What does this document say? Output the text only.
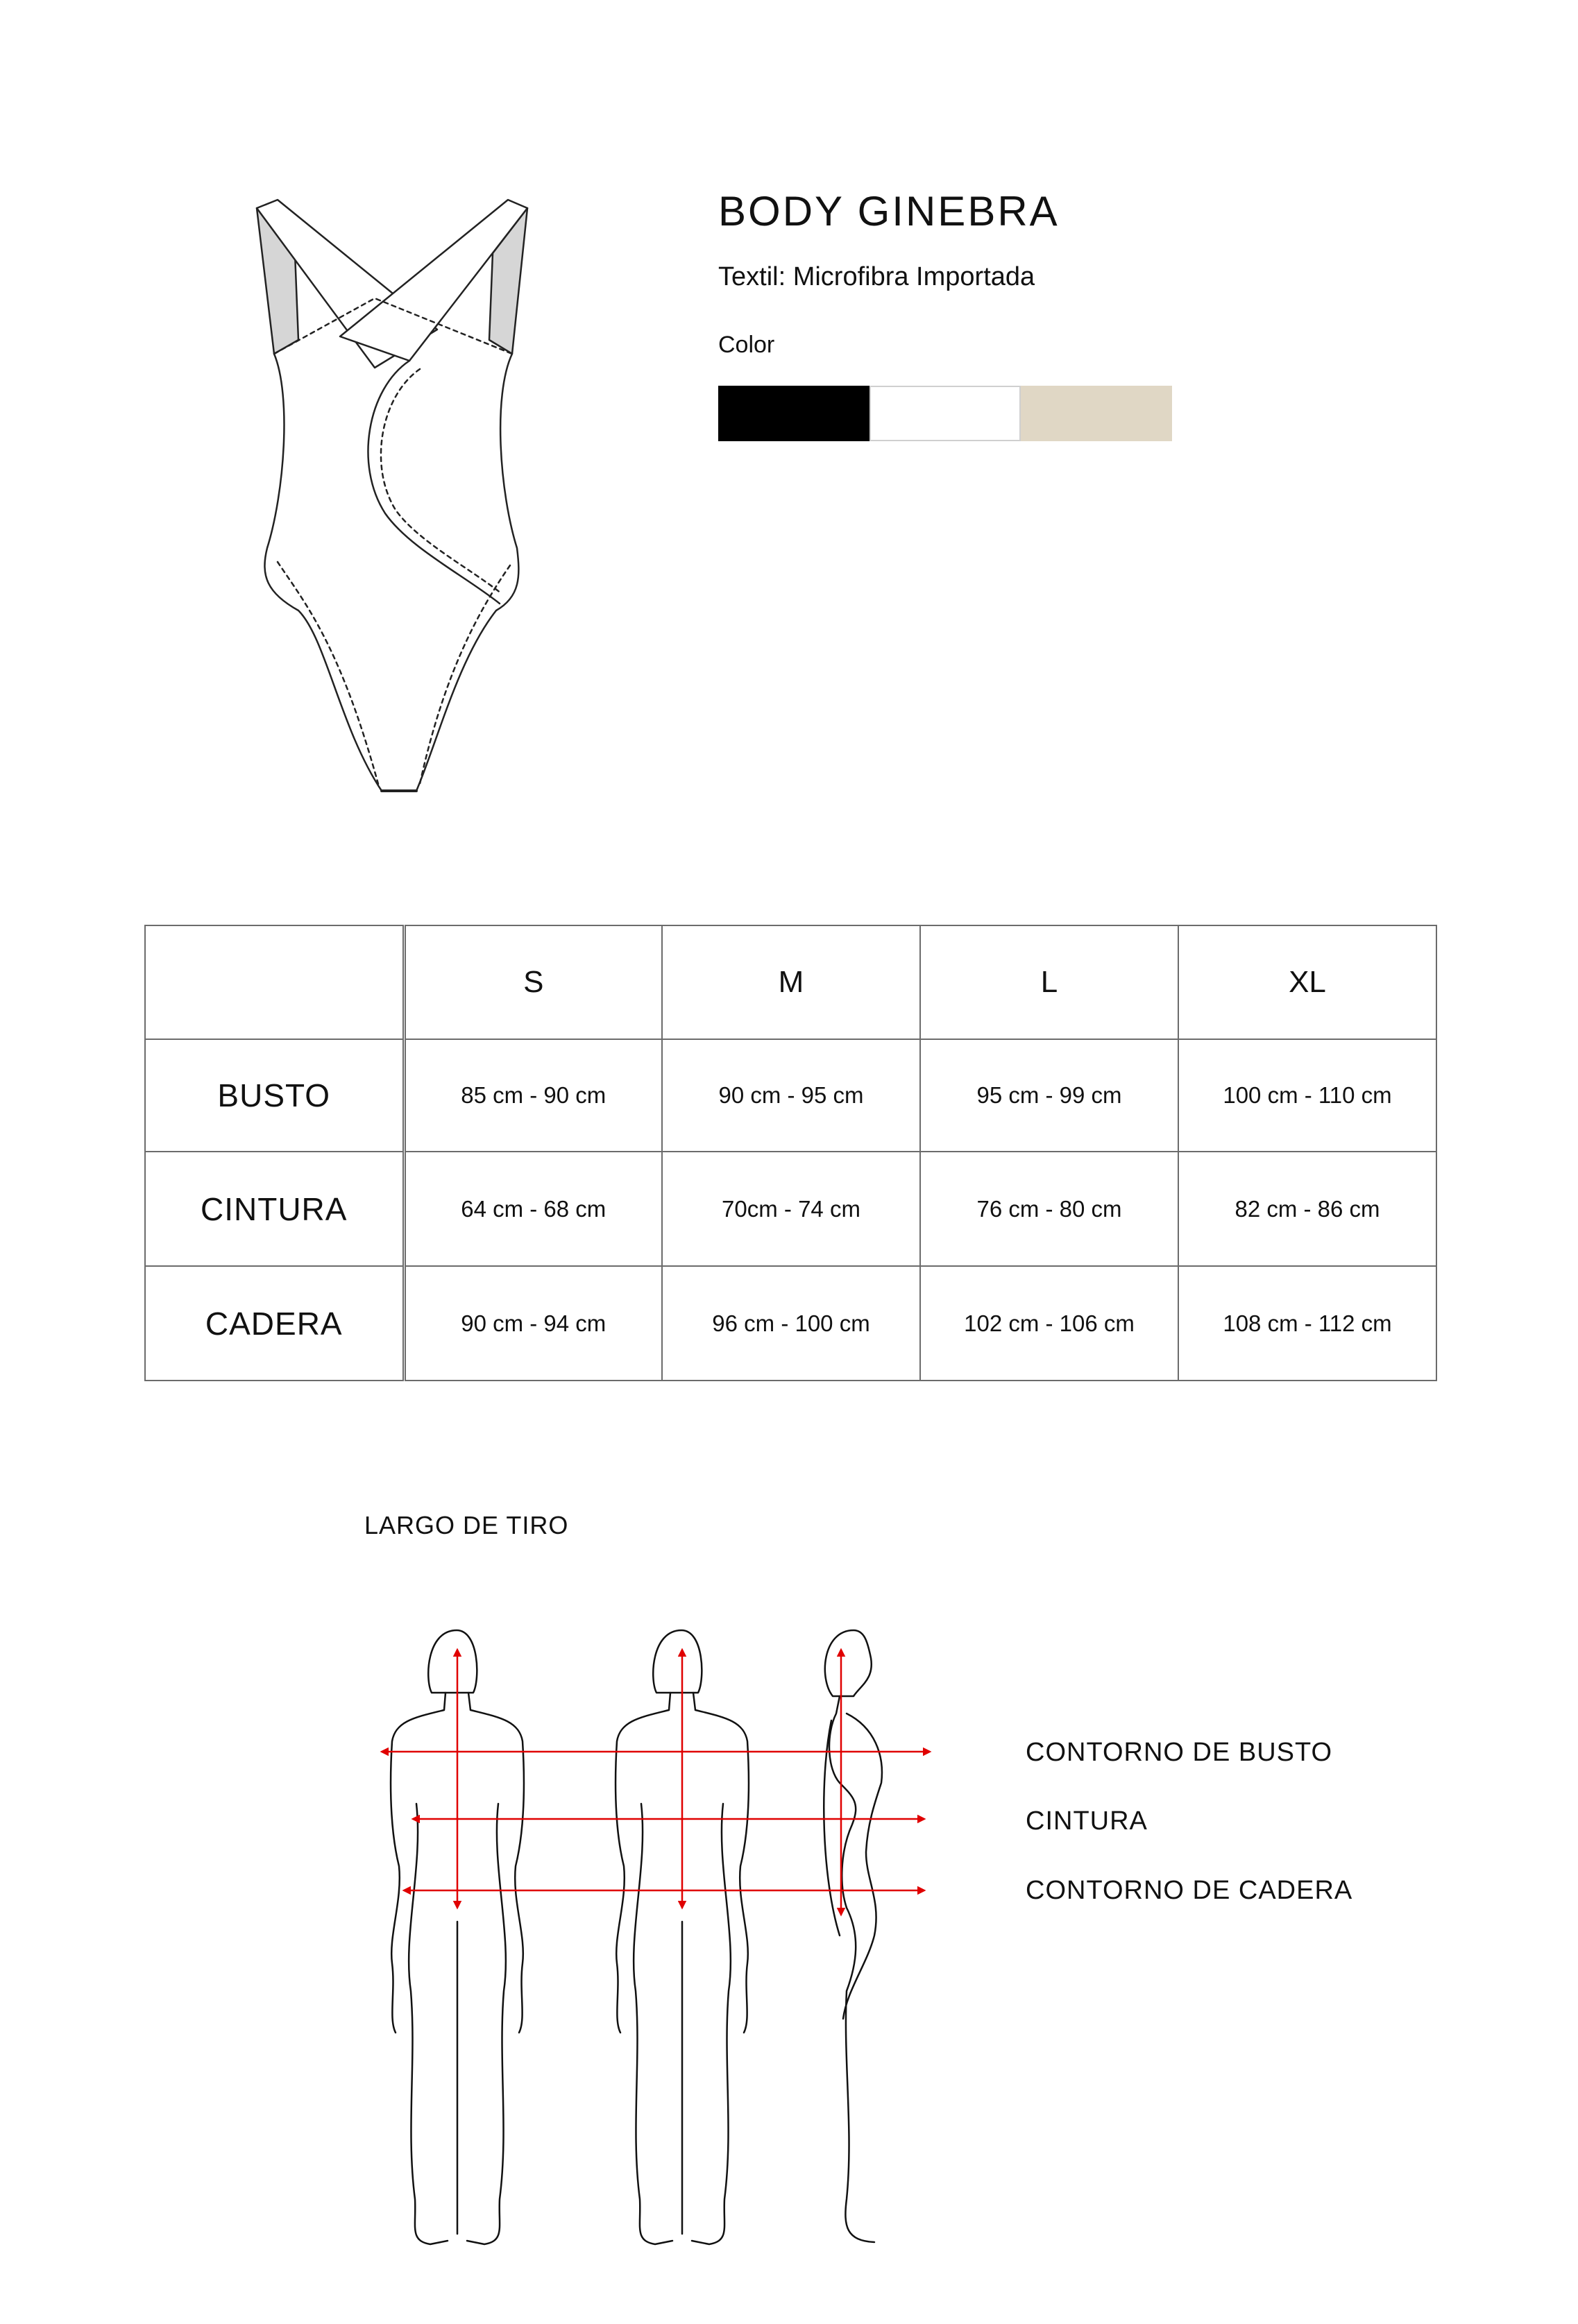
BODY GINEBRA
Textil: Microfibra Importada
Color
	S	M	L	XL
BUSTO	85 cm - 90 cm	90 cm - 95 cm	95 cm - 99 cm	100 cm - 110 cm
CINTURA	64 cm - 68 cm	70cm - 74 cm	76 cm - 80 cm	82 cm - 86 cm
CADERA	90 cm - 94 cm	96 cm - 100 cm	102 cm - 106 cm	108 cm - 112 cm
LARGO DE TIRO
CONTORNO DE BUSTO
CINTURA
CONTORNO DE CADERA
